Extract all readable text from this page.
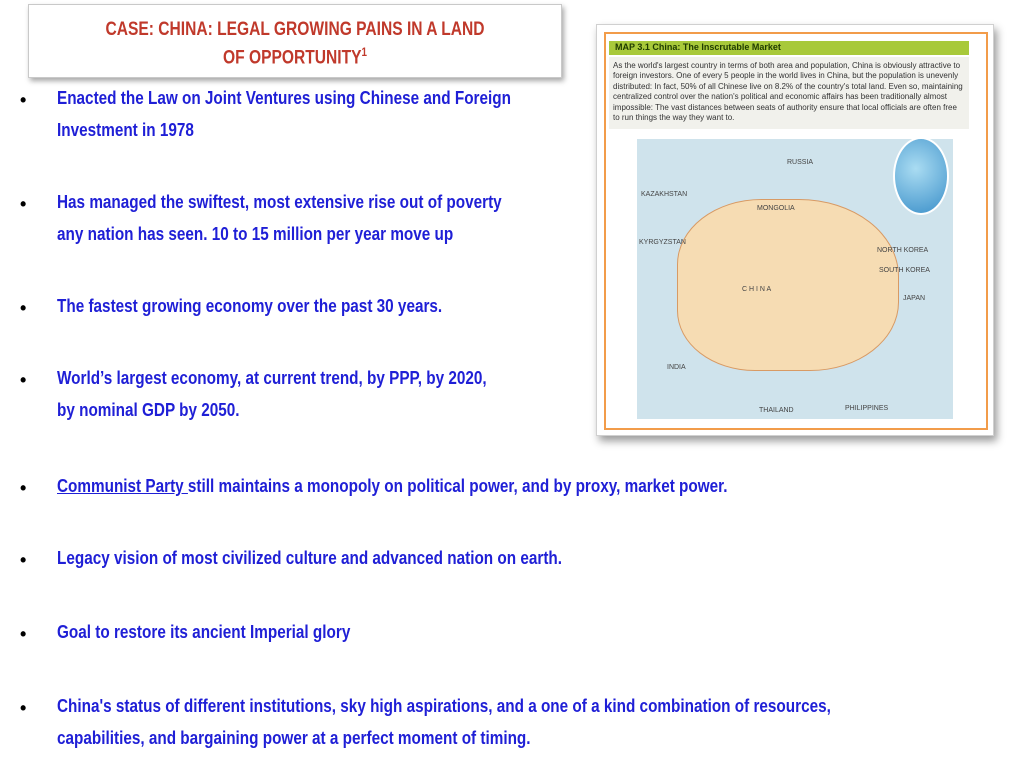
CASE: CHINA: LEGAL GROWING PAINS IN A LAND
OF OPPORTUNITY$^1$
• Enacted the Law on Joint Ventures using Chinese and Foreign
Investment in 1978
• Has managed the swiftest, most extensive rise out of poverty
any nation has seen. 10 to 15 million per year move up
• The fastest growing economy over the past 30 years.
• World’s largest economy, at current trend, by PPP, by 2020,
by nominal GDP by 2050.
• Communist Party still maintains a monopoly on political power, and by proxy, market power.
• Legacy vision of most civilized culture and advanced nation on earth.
• Goal to restore its ancient Imperial glory
• China's status of different institutions, sky high aspirations, and a one of a kind combination of resources,
capabilities, and bargaining power at a perfect moment of timing.
MAP 3.1 China: The Inscrutable Market
As the world's largest country in terms of both area and population, China is obviously attractive to foreign investors. One of every 5 people in the world lives in China, but the population is unevenly distributed: In fact, 50% of all Chinese live on 8.2% of the country's total land. Even so, maintaining centralized control over the nation's political and economic affairs has been traditionally almost impossible: The vast distances between seats of authority ensure that local officials are often free to run things the way they want to.
RUSSIA
KAZAKHSTAN
MONGOLIA
KYRGYZSTAN
C H I N A
INDIA
THAILAND	PHILIPPINES
JAPAN
NORTH KOREA
SOUTH KOREA
